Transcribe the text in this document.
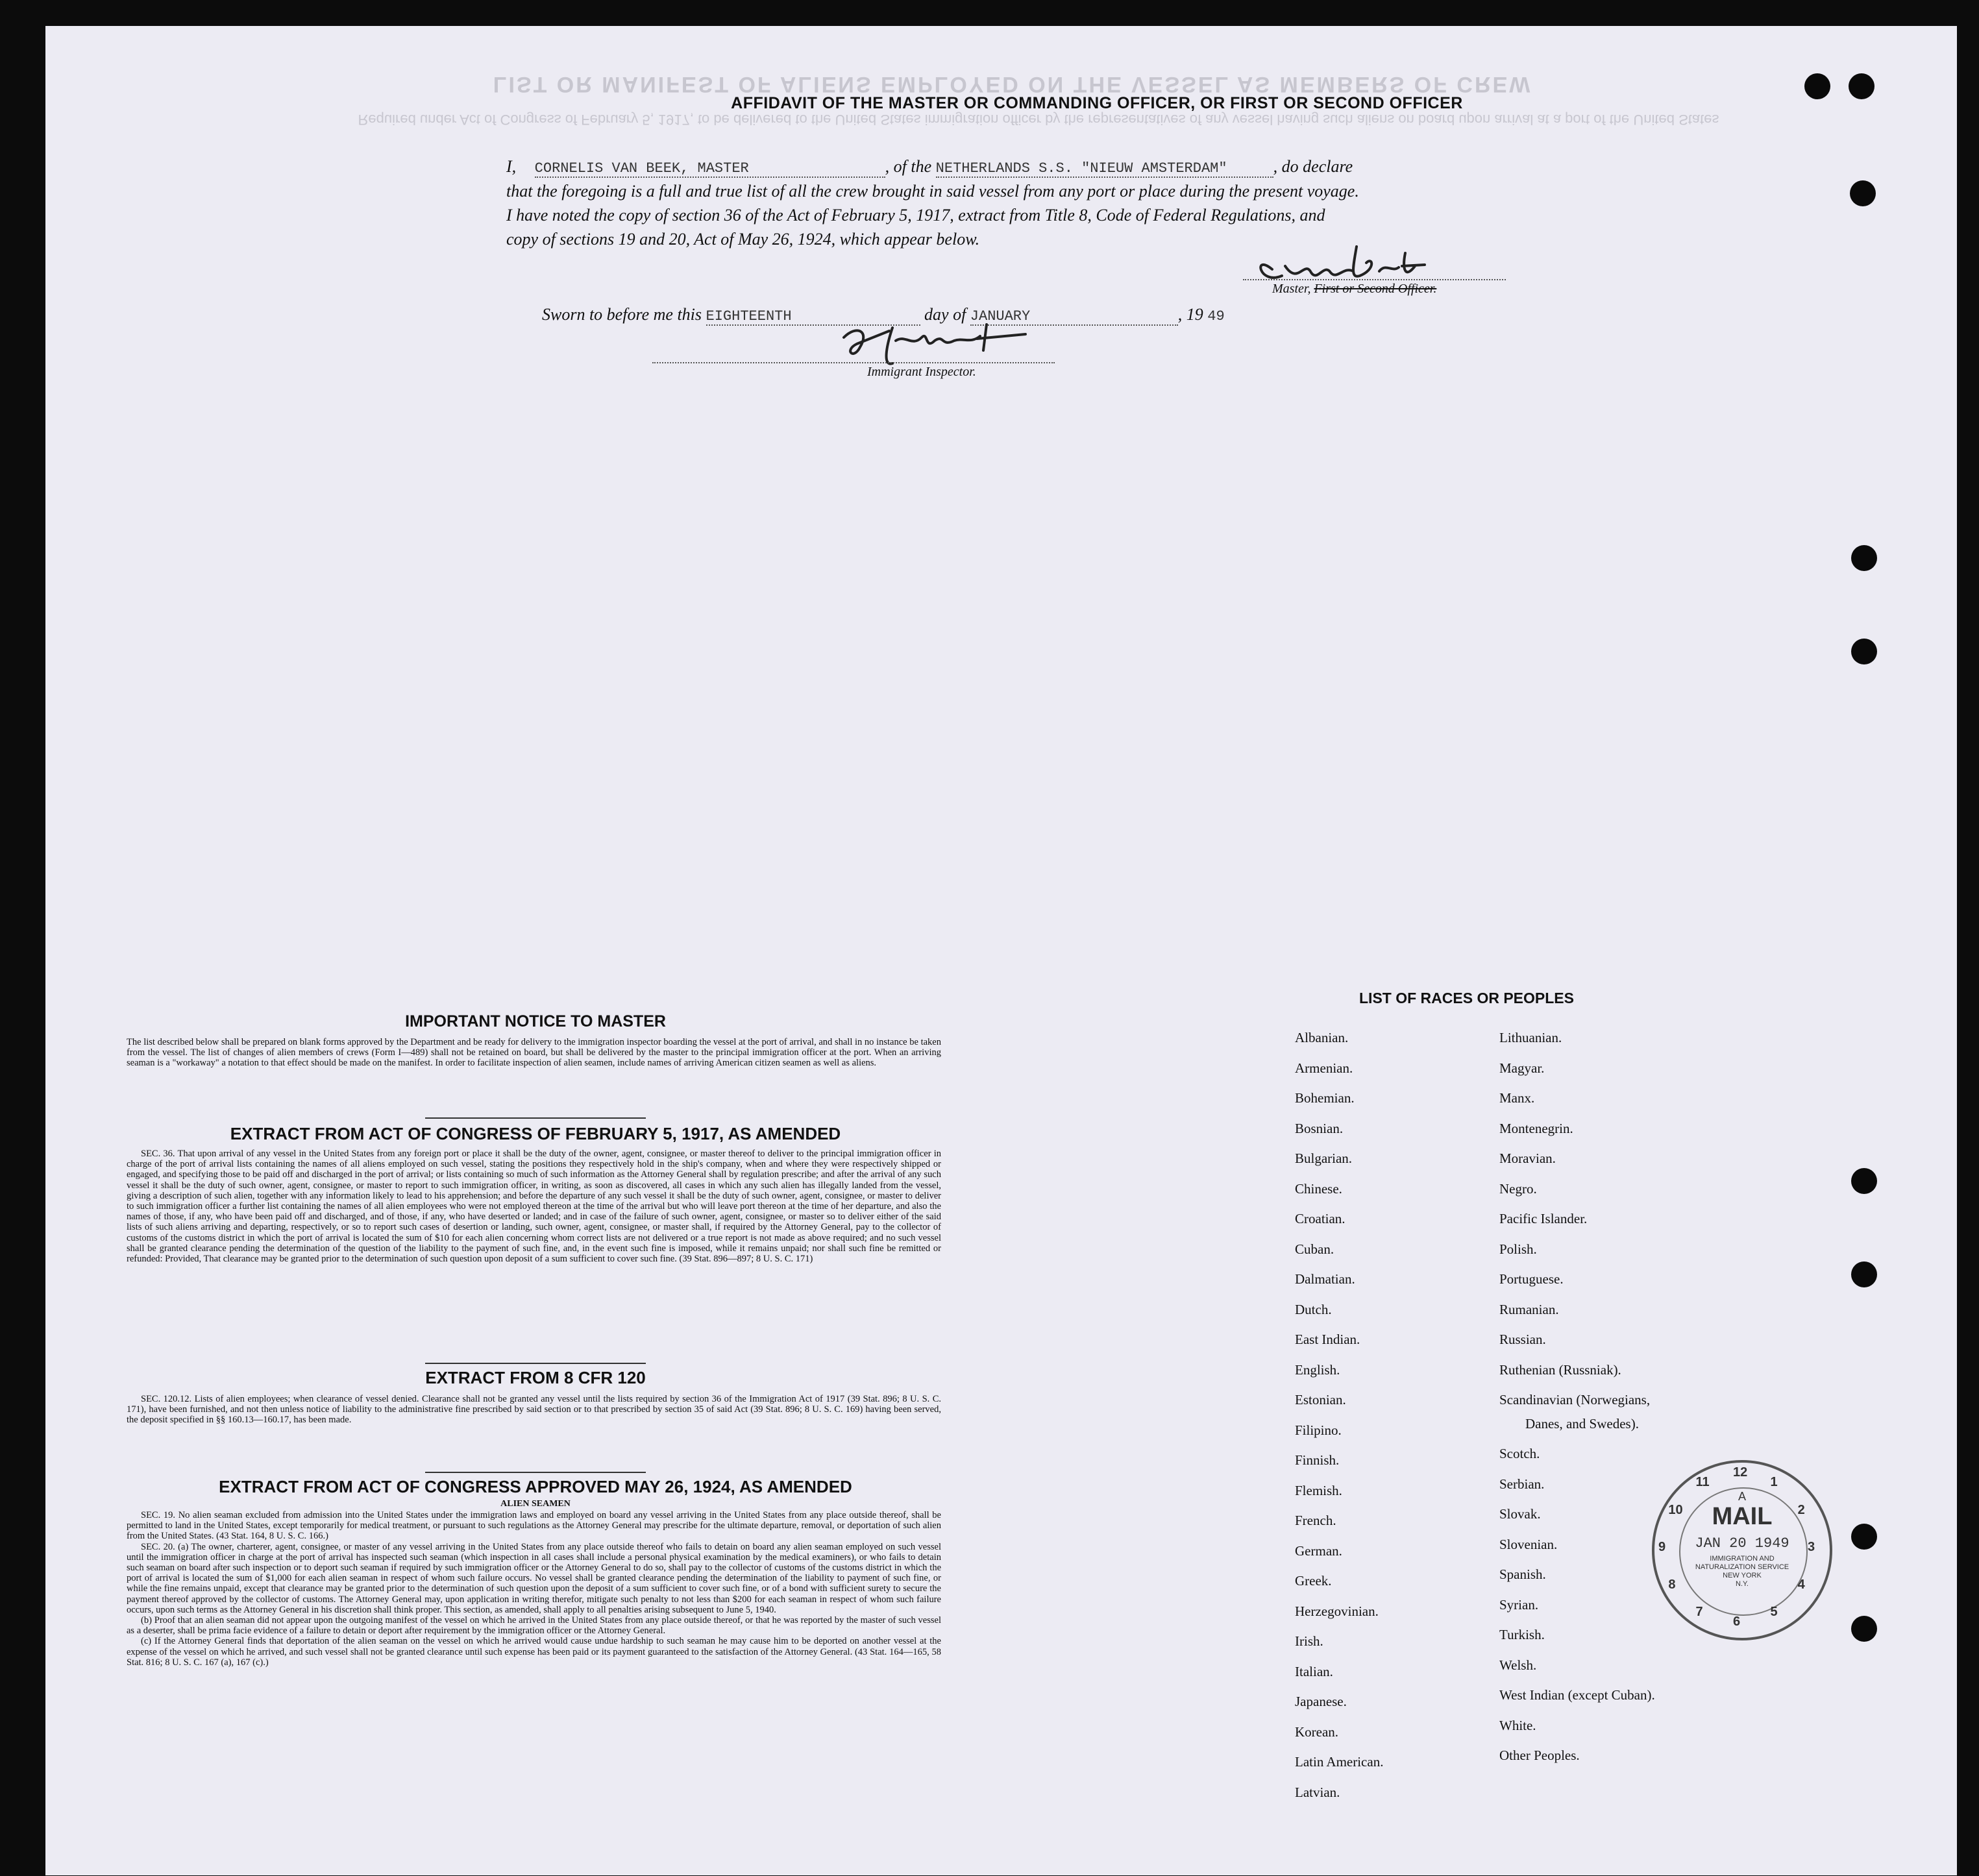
LIST OR MANIFEST OF ALIENS EMPLOYED ON THE VESSEL AS MEMBERS OF CREW
Required under Act of Congress of February 5, 1917, to be delivered to the United States immigration officer by the representatives of any vessel having such aliens on board upon arrival at a port of the United States
AFFIDAVIT OF THE MASTER OR COMMANDING OFFICER, OR FIRST OR SECOND OFFICER
I, CORNELIS VAN BEEK, MASTER	, of the NETHERLANDS S.S. "NIEUW AMSTERDAM"	, do declare
that the foregoing is a full and true list of all the crew brought in said vessel from any port or place during the present voyage.
I have noted the copy of section 36 of the Act of February 5, 1917, extract from Title 8, Code of Federal Regulations, and
copy of sections 19 and 20, Act of May 26, 1924, which appear below.
Master, First or Second Officer.
Sworn to before me this EIGHTEENTH	day of JANUARY	, 19 49
Immigrant Inspector.
IMPORTANT NOTICE TO MASTER
The list described below shall be prepared on blank forms approved by the Department and be ready for delivery to the immigration inspector boarding the vessel at the port of arrival, and shall in no instance be taken from the vessel. The list of changes of alien members of crews (Form I—489) shall not be retained on board, but shall be delivered by the master to the principal immigration officer at the port. When an arriving seaman is a "workaway" a notation to that effect should be made on the manifest. In order to facilitate inspection of alien seamen, include names of arriving American citizen seamen as well as aliens.
EXTRACT FROM ACT OF CONGRESS OF FEBRUARY 5, 1917, AS AMENDED
SEC. 36. That upon arrival of any vessel in the United States from any foreign port or place it shall be the duty of the owner, agent, consignee, or master thereof to deliver to the principal immigration officer in charge of the port of arrival lists containing the names of all aliens employed on such vessel, stating the positions they respectively hold in the ship's company, when and where they were respectively shipped or engaged, and specifying those to be paid off and discharged in the port of arrival; or lists containing so much of such information as the Attorney General shall by regulation prescribe; and after the arrival of any such vessel it shall be the duty of such owner, agent, consignee, or master to report to such immigration officer, in writing, as soon as discovered, all cases in which any such alien has illegally landed from the vessel, giving a description of such alien, together with any information likely to lead to his apprehension; and before the departure of any such vessel it shall be the duty of such owner, agent, consignee, or master to deliver to such immigration officer a further list containing the names of all alien employees who were not employed thereon at the time of the arrival but who will leave port thereon at the time of her departure, and also the names of those, if any, who have been paid off and discharged, and of those, if any, who have deserted or landed; and in case of the failure of such owner, agent, consignee, or master so to deliver either of the said lists of such aliens arriving and departing, respectively, or so to report such cases of desertion or landing, such owner, agent, consignee, or master shall, if required by the Attorney General, pay to the collector of customs of the customs district in which the port of arrival is located the sum of $10 for each alien concerning whom correct lists are not delivered or a true report is not made as above required; and no such vessel shall be granted clearance pending the determination of the question of the liability to the payment of such fine, and, in the event such fine is imposed, while it remains unpaid; nor shall such fine be remitted or refunded: Provided, That clearance may be granted prior to the determination of such question upon deposit of a sum sufficient to cover such fine. (39 Stat. 896—897; 8 U. S. C. 171)
EXTRACT FROM 8 CFR 120
SEC. 120.12. Lists of alien employees; when clearance of vessel denied. Clearance shall not be granted any vessel until the lists required by section 36 of the Immigration Act of 1917 (39 Stat. 896; 8 U. S. C. 171), have been furnished, and not then unless notice of liability to the administrative fine prescribed by said section or to that prescribed by section 35 of said Act (39 Stat. 896; 8 U. S. C. 169) having been served, the deposit specified in §§ 160.13—160.17, has been made.
EXTRACT FROM ACT OF CONGRESS APPROVED MAY 26, 1924, AS AMENDED
ALIEN SEAMEN

SEC. 19. No alien seaman excluded from admission into the United States under the immigration laws and employed on board any vessel arriving in the United States from any place outside thereof, shall be permitted to land in the United States, except temporarily for medical treatment, or pursuant to such regulations as the Attorney General may prescribe for the ultimate departure, removal, or deportation of such alien from the United States. (43 Stat. 164, 8 U. S. C. 166.)

SEC. 20. (a) The owner, charterer, agent, consignee, or master of any vessel arriving in the United States from any place outside thereof who fails to detain on board any alien seaman employed on such vessel until the immigration officer in charge at the port of arrival has inspected such seaman (which inspection in all cases shall include a personal physical examination by the medical examiners), or who fails to detain such seaman on board after such inspection or to deport such seaman if required by such immigration officer or the Attorney General to do so, shall pay to the collector of customs of the customs district in which the port of arrival is located the sum of $1,000 for each alien seaman in respect of whom such failure occurs. No vessel shall be granted clearance pending the determination of the liability to payment of such fine, or while the fine remains unpaid, except that clearance may be granted prior to the determination of such question upon the deposit of a sum sufficient to cover such fine, or of a bond with sufficient surety to secure the payment thereof approved by the collector of customs. The Attorney General may, upon application in writing therefor, mitigate such penalty to not less than $200 for each seaman in respect of whom such failure occurs, upon such terms as the Attorney General in his discretion shall think proper. This section, as amended, shall apply to all penalties arising subsequent to June 5, 1940.

(b) Proof that an alien seaman did not appear upon the outgoing manifest of the vessel on which he arrived in the United States from any place outside thereof, or that he was reported by the master of such vessel as a deserter, shall be prima facie evidence of a failure to detain or deport after requirement by the immigration officer or the Attorney General.

(c) If the Attorney General finds that deportation of the alien seaman on the vessel on which he arrived would cause undue hardship to such seaman he may cause him to be deported on another vessel at the expense of the vessel on which he arrived, and such vessel shall not be granted clearance until such expense has been paid or its payment guaranteed to the satisfaction of the Attorney General. (43 Stat. 164—165, 58 Stat. 816; 8 U. S. C. 167 (a), 167 (c).)

LIST OF RACES OR PEOPLES
12
1
2
3
4
5
6
7
8
9
10
11
A
MAIL
JAN 20 1949
IMMIGRATION AND NATURALIZATION SERVICE
NEW YORK
N.Y.
Albanian.
Armenian.
Bohemian.
Bosnian.
Bulgarian.
Chinese.
Croatian.
Cuban.
Dalmatian.
Dutch.
East Indian.
English.
Estonian.
Filipino.
Finnish.
Flemish.
French.
German.
Greek.
Herzegovinian.
Irish.
Italian.
Japanese.
Korean.
Latin American.
Latvian.
Lithuanian.
Magyar.
Manx.
Montenegrin.
Moravian.
Negro.
Pacific Islander.
Polish.
Portuguese.
Rumanian.
Russian.
Ruthenian (Russniak).
Scandinavian (Norwegians,
Danes, and Swedes).
Scotch.
Serbian.
Slovak.
Slovenian.
Spanish.
Syrian.
Turkish.
Welsh.
West Indian (except Cuban).
White.
Other Peoples.
